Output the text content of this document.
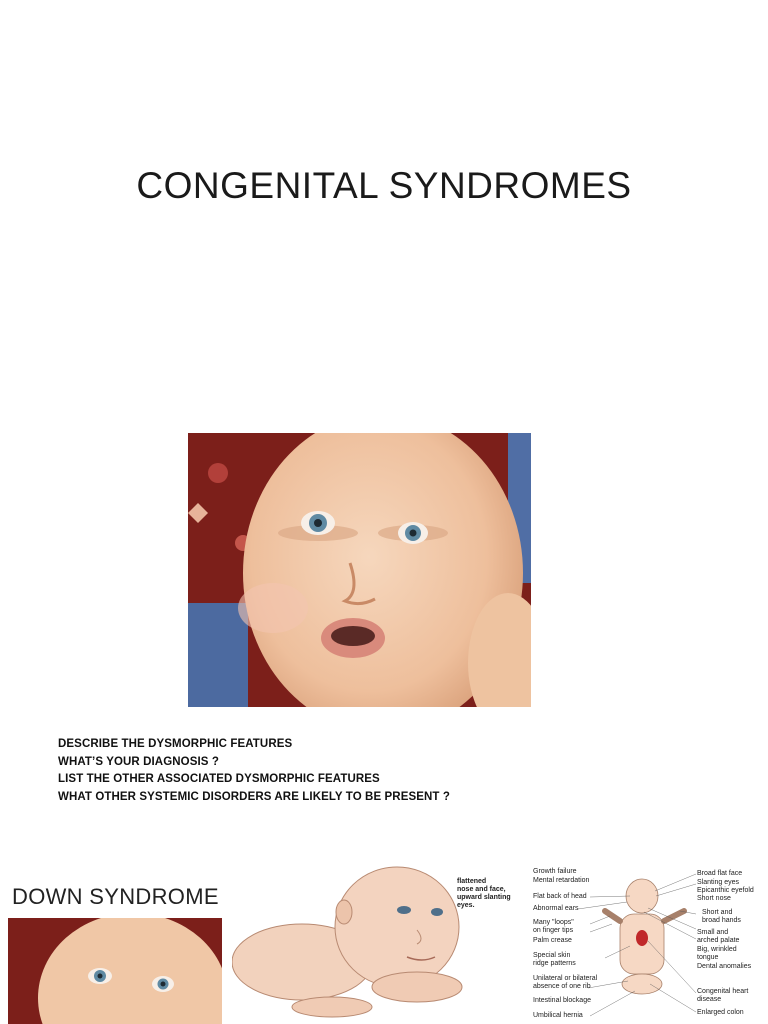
CONGENITAL SYNDROMES
DESCRIBE THE DYSMORPHIC FEATURES
WHAT’S YOUR DIAGNOSIS ?
LIST THE OTHER ASSOCIATED DYSMORPHIC FEATURES
WHAT OTHER SYSTEMIC DISORDERS ARE LIKELY TO BE PRESENT ?
DOWN SYNDROME
flattened
nose and face,
upward slanting
eyes.
Growth failure
Mental retardation
Flat back of head
Abnormal ears
Many "loops"
on finger tips
Palm crease
Special skin
ridge patterns
Unilateral or bilateral
absence of one rib
Intestinal blockage
Umbilical hernia
Broad flat face
Slanting eyes
Epicanthic eyefold
Short nose
Short and
broad hands
Small and
arched palate
Big, wrinkled
tongue
Dental anomalies
Congenital heart
disease
Enlarged colon
